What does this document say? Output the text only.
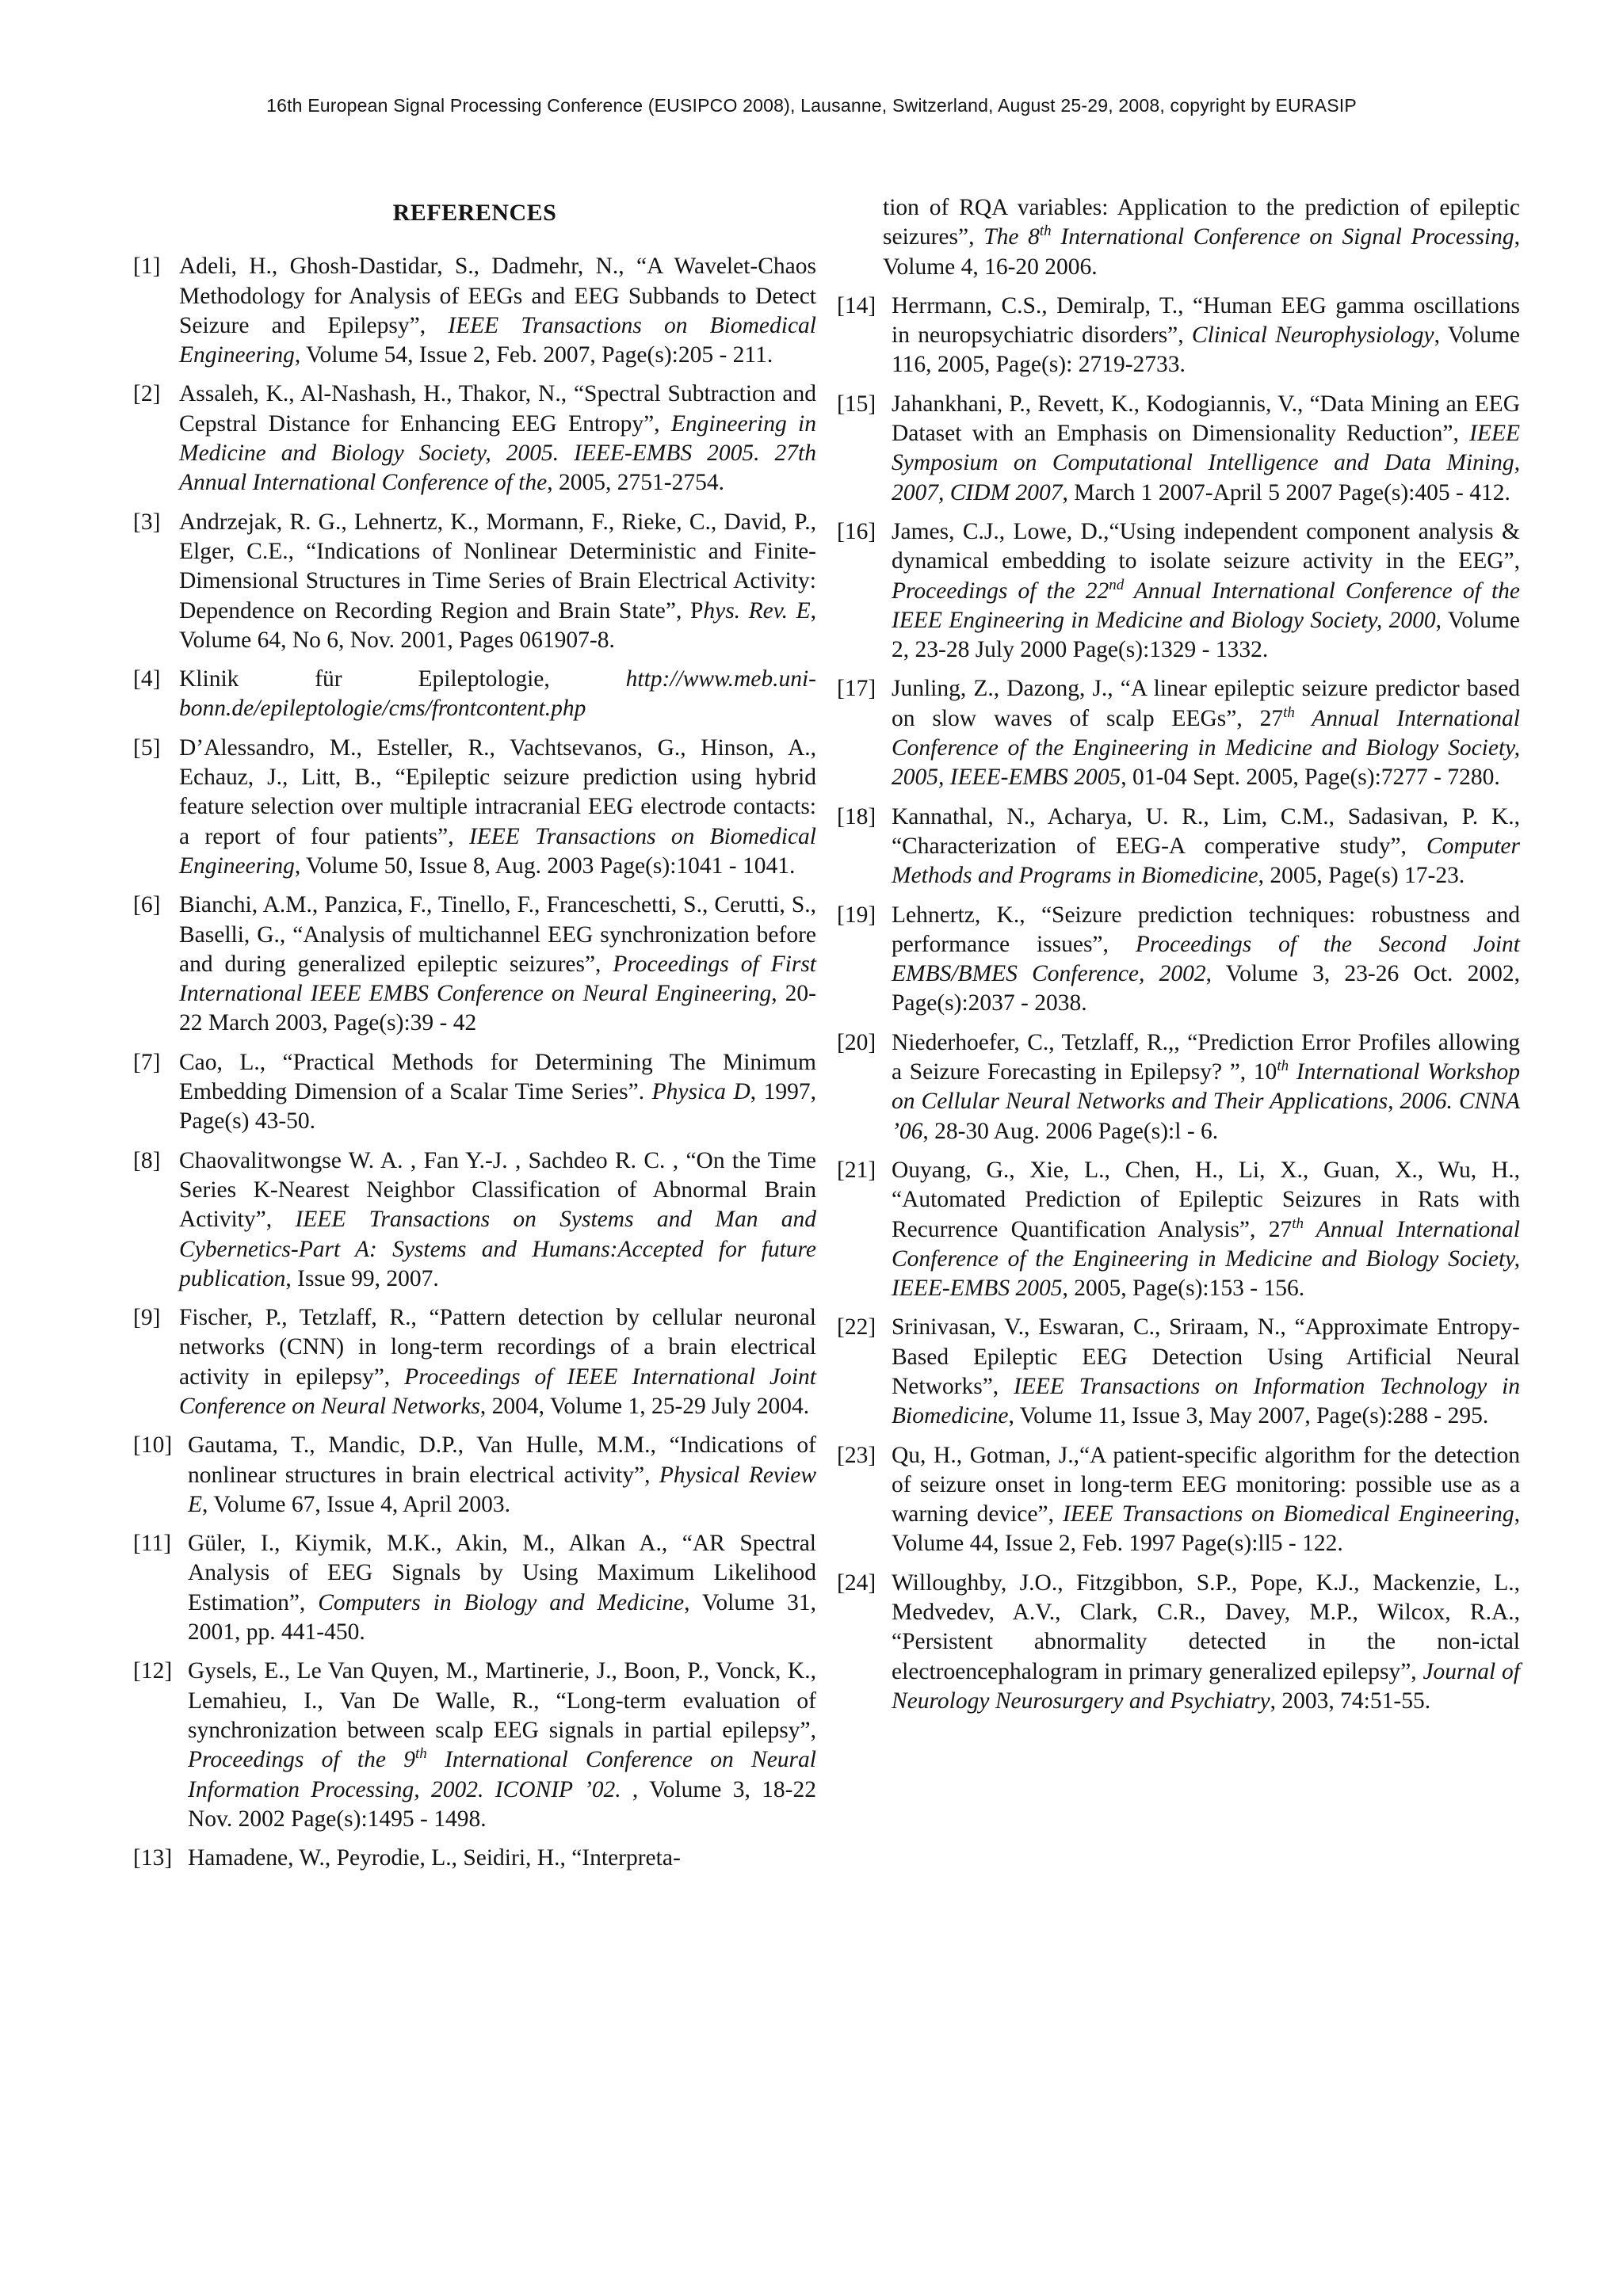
16th European Signal Processing Conference (EUSIPCO 2008), Lausanne, Switzerland, August 25-29, 2008, copyright by EURASIP
REFERENCES
[1] Adeli, H., Ghosh-Dastidar, S., Dadmehr, N., “A Wavelet-Chaos Methodology for Analysis of EEGs and EEG Subbands to Detect Seizure and Epilepsy”, IEEE Transactions on Biomedical Engineering, Volume 54, Issue 2, Feb. 2007, Page(s):205 - 211.
[2] Assaleh, K., Al-Nashash, H., Thakor, N., “Spectral Subtraction and Cepstral Distance for Enhancing EEG Entropy”, Engineering in Medicine and Biology Society, 2005. IEEE-EMBS 2005. 27th Annual International Conference of the, 2005, 2751-2754.
[3] Andrzejak, R. G., Lehnertz, K., Mormann, F., Rieke, C., David, P., Elger, C.E., “Indications of Nonlinear Deterministic and Finite-Dimensional Structures in Time Series of Brain Electrical Activity: Dependence on Recording Region and Brain State”, Phys. Rev. E, Volume 64, No 6, Nov. 2001, Pages 061907-8.
[4] Klinik für Epileptologie, http://www.meb.uni-bonn.de/epileptologie/cms/frontcontent.php
[5] D’Alessandro, M., Esteller, R., Vachtsevanos, G., Hinson, A., Echauz, J., Litt, B., “Epileptic seizure prediction using hybrid feature selection over multiple intracranial EEG electrode contacts: a report of four patients”, IEEE Transactions on Biomedical Engineering, Volume 50, Issue 8, Aug. 2003 Page(s):1041 - 1041.
[6] Bianchi, A.M., Panzica, F., Tinello, F., Franceschetti, S., Cerutti, S., Baselli, G., “Analysis of multichannel EEG synchronization before and during generalized epileptic seizures”, Proceedings of First International IEEE EMBS Conference on Neural Engineering, 20-22 March 2003, Page(s):39 - 42
[7] Cao, L., “Practical Methods for Determining The Minimum Embedding Dimension of a Scalar Time Series”. Physica D, 1997, Page(s) 43-50.
[8] Chaovalitwongse W. A. , Fan Y.-J. , Sachdeo R. C. , “On the Time Series K-Nearest Neighbor Classification of Abnormal Brain Activity”, IEEE Transactions on Systems and Man and Cybernetics-Part A: Systems and Humans:Accepted for future publication, Issue 99, 2007.
[9] Fischer, P., Tetzlaff, R., “Pattern detection by cellular neuronal networks (CNN) in long-term recordings of a brain electrical activity in epilepsy”, Proceedings of IEEE International Joint Conference on Neural Networks, 2004, Volume 1, 25-29 July 2004.
[10] Gautama, T., Mandic, D.P., Van Hulle, M.M., “Indications of nonlinear structures in brain electrical activity”, Physical Review E, Volume 67, Issue 4, April 2003.
[11] Güler, I., Kiymik, M.K., Akin, M., Alkan A., “AR Spectral Analysis of EEG Signals by Using Maximum Likelihood Estimation”, Computers in Biology and Medicine, Volume 31, 2001, pp. 441-450.
[12] Gysels, E., Le Van Quyen, M., Martinerie, J., Boon, P., Vonck, K., Lemahieu, I., Van De Walle, R., “Long-term evaluation of synchronization between scalp EEG signals in partial epilepsy”, Proceedings of the 9th International Conference on Neural Information Processing, 2002. ICONIP ’02. , Volume 3, 18-22 Nov. 2002 Page(s):1495 - 1498.
[13] Hamadene, W., Peyrodie, L., Seidiri, H., “Interpreta-
tion of RQA variables: Application to the prediction of epileptic seizures”, The 8th International Conference on Signal Processing, Volume 4, 16-20 2006.
[14] Herrmann, C.S., Demiralp, T., “Human EEG gamma oscillations in neuropsychiatric disorders”, Clinical Neurophysiology, Volume 116, 2005, Page(s): 2719-2733.
[15] Jahankhani, P., Revett, K., Kodogiannis, V., “Data Mining an EEG Dataset with an Emphasis on Dimensionality Reduction”, IEEE Symposium on Computational Intelligence and Data Mining, 2007, CIDM 2007, March 1 2007-April 5 2007 Page(s):405 - 412.
[16] James, C.J., Lowe, D.,“Using independent component analysis & dynamical embedding to isolate seizure activity in the EEG”, Proceedings of the 22nd Annual International Conference of the IEEE Engineering in Medicine and Biology Society, 2000, Volume 2, 23-28 July 2000 Page(s):1329 - 1332.
[17] Junling, Z., Dazong, J., “A linear epileptic seizure predictor based on slow waves of scalp EEGs”, 27th Annual International Conference of the Engineering in Medicine and Biology Society, 2005, IEEE-EMBS 2005, 01-04 Sept. 2005, Page(s):7277 - 7280.
[18] Kannathal, N., Acharya, U. R., Lim, C.M., Sadasivan, P. K., “Characterization of EEG-A comperative study”, Computer Methods and Programs in Biomedicine, 2005, Page(s) 17-23.
[19] Lehnertz, K., “Seizure prediction techniques: robustness and performance issues”, Proceedings of the Second Joint EMBS/BMES Conference, 2002, Volume 3, 23-26 Oct. 2002, Page(s):2037 - 2038.
[20] Niederhoefer, C., Tetzlaff, R.,, “Prediction Error Profiles allowing a Seizure Forecasting in Epilepsy? ”, 10th International Workshop on Cellular Neural Networks and Their Applications, 2006. CNNA ’06, 28-30 Aug. 2006 Page(s):l - 6.
[21] Ouyang, G., Xie, L., Chen, H., Li, X., Guan, X., Wu, H., “Automated Prediction of Epileptic Seizures in Rats with Recurrence Quantification Analysis”, 27th Annual International Conference of the Engineering in Medicine and Biology Society, IEEE-EMBS 2005, 2005, Page(s):153 - 156.
[22] Srinivasan, V., Eswaran, C., Sriraam, N., “Approximate Entropy-Based Epileptic EEG Detection Using Artificial Neural Networks”, IEEE Transactions on Information Technology in Biomedicine, Volume 11, Issue 3, May 2007, Page(s):288 - 295.
[23] Qu, H., Gotman, J.,“A patient-specific algorithm for the detection of seizure onset in long-term EEG monitoring: possible use as a warning device”, IEEE Transactions on Biomedical Engineering, Volume 44, Issue 2, Feb. 1997 Page(s):ll5 - 122.
[24] Willoughby, J.O., Fitzgibbon, S.P., Pope, K.J., Mackenzie, L., Medvedev, A.V., Clark, C.R., Davey, M.P., Wilcox, R.A., “Persistent abnormality detected in the non-ictal electroencephalogram in primary generalized epilepsy”, Journal of Neurology Neurosurgery and Psychiatry, 2003, 74:51-55.
